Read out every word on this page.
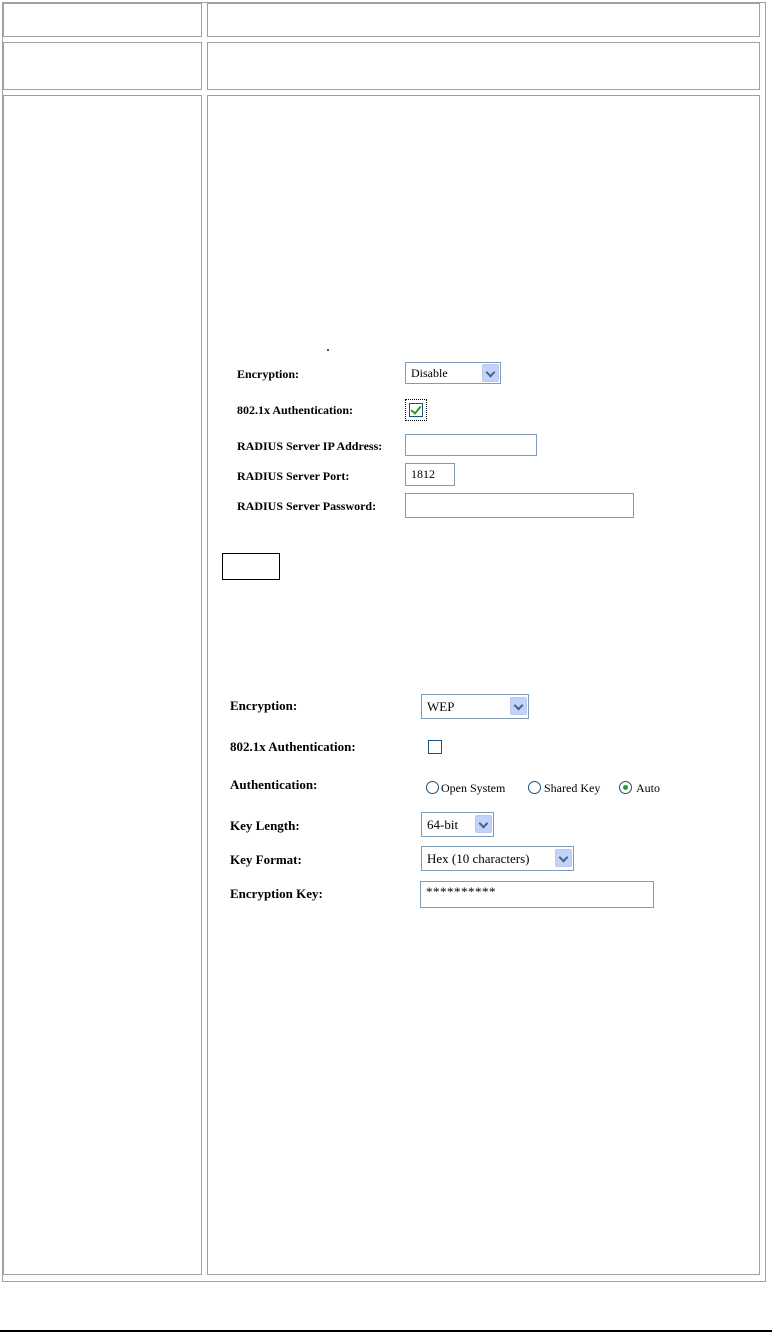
Encryption:	Disable
802.1x Authentication:
RADIUS Server IP Address:
RADIUS Server Port:	1812
RADIUS Server Password:
Encryption:	WEP
802.1x Authentication:
Authentication:	Open System	Shared Key	Auto
Key Length:	64-bit
Key Format:	Hex (10 characters)
Encryption Key:	**********
